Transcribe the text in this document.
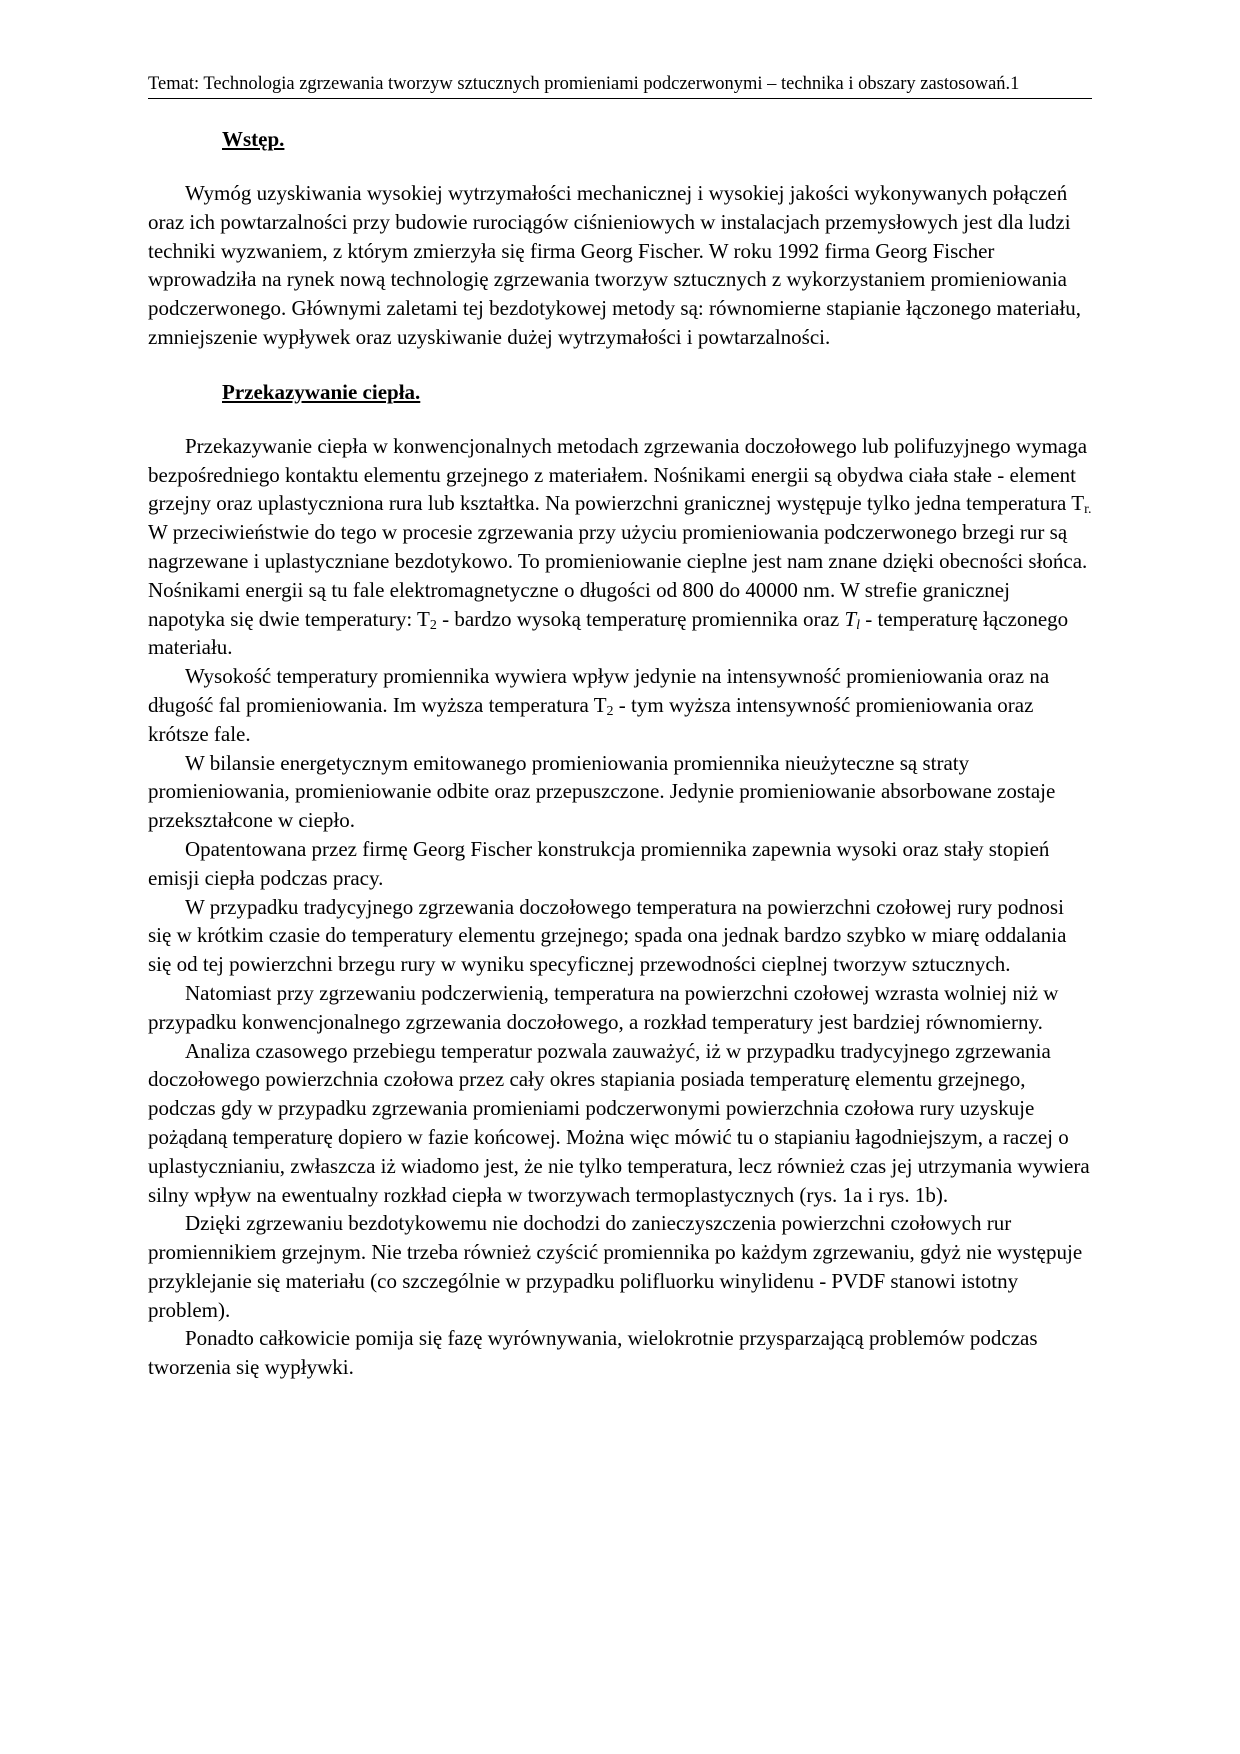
Temat: Technologia zgrzewania tworzyw sztucznych promieniami podczerwonymi – technika i obszary zastosowań.1
Wstęp.

Wymóg uzyskiwania wysokiej wytrzymałości mechanicznej i wysokiej jakości wykonywanych połączeń oraz ich powtarzalności przy budowie rurociągów ciśnieniowych w instalacjach przemysłowych jest dla ludzi techniki wyzwaniem, z którym zmierzyła się firma Georg Fischer. W roku 1992 firma Georg Fischer wprowadziła na rynek nową technologię zgrzewania tworzyw sztucznych z wykorzystaniem promieniowania podczerwonego. Głównymi zaletami tej bezdotykowej metody są: równomierne stapianie łączonego materiału, zmniejszenie wypływek oraz uzyskiwanie dużej wytrzymałości i powtarzalności.

Przekazywanie ciepła.

Przekazywanie ciepła w konwencjonalnych metodach zgrzewania doczołowego lub polifuzyjnego wymaga bezpośredniego kontaktu elementu grzejnego z materiałem. Nośnikami energii są obydwa ciała stałe - element grzejny oraz uplastyczniona rura lub kształtka. Na powierzchni granicznej występuje tylko jedna temperatura $T_{r.}$ W przeciwieństwie do tego w procesie zgrzewania przy użyciu promieniowania podczerwonego brzegi rur są nagrzewane i uplastyczniane bezdotykowo. To promieniowanie cieplne jest nam znane dzięki obecności słońca. Nośnikami energii są tu fale elektromagnetyczne o długości od 800 do 40000 nm. W strefie granicznej napotyka się dwie temperatury: $T_2$ - bardzo wysoką temperaturę promiennika oraz $T_l$ - temperaturę łączonego materiału.

Wysokość temperatury promiennika wywiera wpływ jedynie na intensywność promieniowania oraz na długość fal promieniowania. Im wyższa temperatura $T_2$ - tym wyższa intensywność promieniowania oraz krótsze fale.

W bilansie energetycznym emitowanego promieniowania promiennika nieużyteczne są straty promieniowania, promieniowanie odbite oraz przepuszczone. Jedynie promieniowanie absorbowane zostaje przekształcone w ciepło.

Opatentowana przez firmę Georg Fischer konstrukcja promiennika zapewnia wysoki oraz stały stopień emisji ciepła podczas pracy.

W przypadku tradycyjnego zgrzewania doczołowego temperatura na powierzchni czołowej rury podnosi się w krótkim czasie do temperatury elementu grzejnego; spada ona jednak bardzo szybko w miarę oddalania się od tej powierzchni brzegu rury w wyniku specyficznej przewodności cieplnej tworzyw sztucznych.

Natomiast przy zgrzewaniu podczerwienią, temperatura na powierzchni czołowej wzrasta wolniej niż w przypadku konwencjonalnego zgrzewania doczołowego, a rozkład temperatury jest bardziej równomierny.

Analiza czasowego przebiegu temperatur pozwala zauważyć, iż w przypadku tradycyjnego zgrzewania doczołowego powierzchnia czołowa przez cały okres stapiania posiada temperaturę elementu grzejnego, podczas gdy w przypadku zgrzewania promieniami podczerwonymi powierzchnia czołowa rury uzyskuje pożądaną temperaturę dopiero w fazie końcowej. Można więc mówić tu o stapianiu łagodniejszym, a raczej o uplastycznianiu, zwłaszcza iż wiadomo jest, że nie tylko temperatura, lecz również czas jej utrzymania wywiera silny wpływ na ewentualny rozkład ciepła w tworzywach termoplastycznych (rys. 1a i rys. 1b).

Dzięki zgrzewaniu bezdotykowemu nie dochodzi do zanieczyszczenia powierzchni czołowych rur promiennikiem grzejnym. Nie trzeba również czyścić promiennika po każdym zgrzewaniu, gdyż nie występuje przyklejanie się materiału (co szczególnie w przypadku polifluorku winylidenu - PVDF stanowi istotny problem).

Ponadto całkowicie pomija się fazę wyrównywania, wielokrotnie przysparzającą problemów podczas tworzenia się wypływki.
